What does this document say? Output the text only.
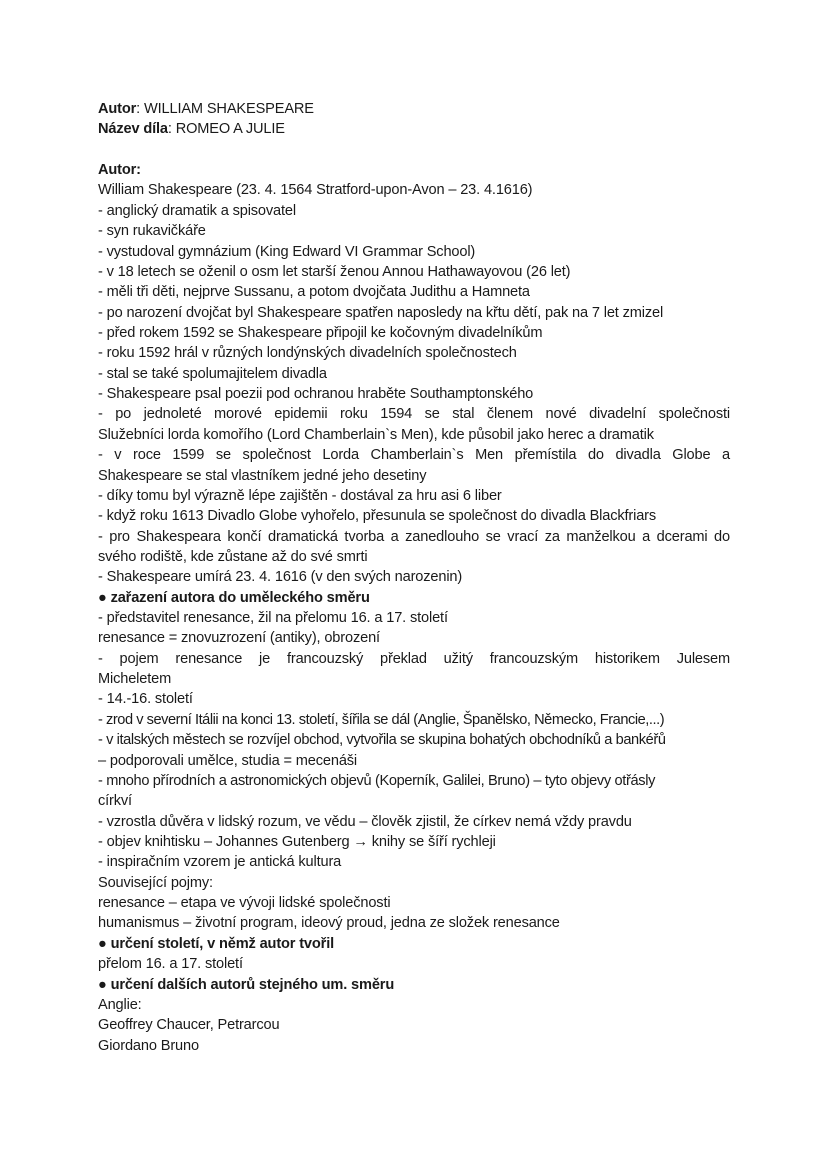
Autor: WILLIAM SHAKESPEARE
Název díla: ROMEO A JULIE
Autor:
William Shakespeare (23. 4. 1564 Stratford-upon-Avon – 23. 4.1616)
- anglický dramatik a spisovatel
- syn rukavičkáře
- vystudoval gymnázium (King Edward VI Grammar School)
- v 18 letech se oženil o osm let starší ženou Annou Hathawayovou (26 let)
- měli tři děti, nejprve Sussanu, a potom dvojčata Judithu a Hamneta
- po narození dvojčat byl Shakespeare spatřen naposledy na křtu dětí, pak na 7 let zmizel
- před rokem 1592 se Shakespeare připojil ke kočovným divadelníkům
- roku 1592 hrál v různých londýnských divadelních společnostech
- stal se také spolumajitelem divadla
- Shakespeare psal poezii pod ochranou hraběte Southamptonského
- po jednoleté morové epidemii roku 1594 se stal členem nové divadelní společnosti
Služebníci lorda komořího (Lord Chamberlain`s Men), kde působil jako herec a dramatik
- v roce 1599 se společnost Lorda Chamberlain`s Men přemístila do divadla Globe a
Shakespeare se stal vlastníkem jedné jeho desetiny
- díky tomu byl výrazně lépe zajištěn - dostával za hru asi 6 liber
- když roku 1613 Divadlo Globe vyhořelo, přesunula se společnost do divadla Blackfriars
- pro Shakespeara končí dramatická tvorba a zanedlouho se vrací za manželkou a dcerami do
svého rodiště, kde zůstane až do své smrti
- Shakespeare umírá 23. 4. 1616 (v den svých narozenin)
● zařazení autora do uměleckého směru
- představitel renesance, žil na přelomu 16. a 17. století
renesance = znovuzrození (antiky), obrození
- pojem renesance je francouzský překlad užitý francouzským historikem Julesem
Micheletem
- 14.-16. století
- zrod v severní Itálii na konci 13. století, šířila se dál (Anglie, Španělsko, Německo, Francie,...)
- v italských městech se rozvíjel obchod, vytvořila se skupina bohatých obchodníků a bankéřů
– podporovali umělce, studia = mecenáši
- mnoho přírodních a astronomických objevů (Koperník, Galilei, Bruno) – tyto objevy otřásly
církví
- vzrostla důvěra v lidský rozum, ve vědu – člověk zjistil, že církev nemá vždy pravdu
- objev knihtisku – Johannes Gutenberg → knihy se šíří rychleji
- inspiračním vzorem je antická kultura
Související pojmy:
renesance – etapa ve vývoji lidské společnosti
humanismus – životní program, ideový proud, jedna ze složek renesance
● určení století, v němž autor tvořil
přelom 16. a 17. století
● určení dalších autorů stejného um. směru
Anglie:
Geoffrey Chaucer, Petrarcou
Giordano Bruno
